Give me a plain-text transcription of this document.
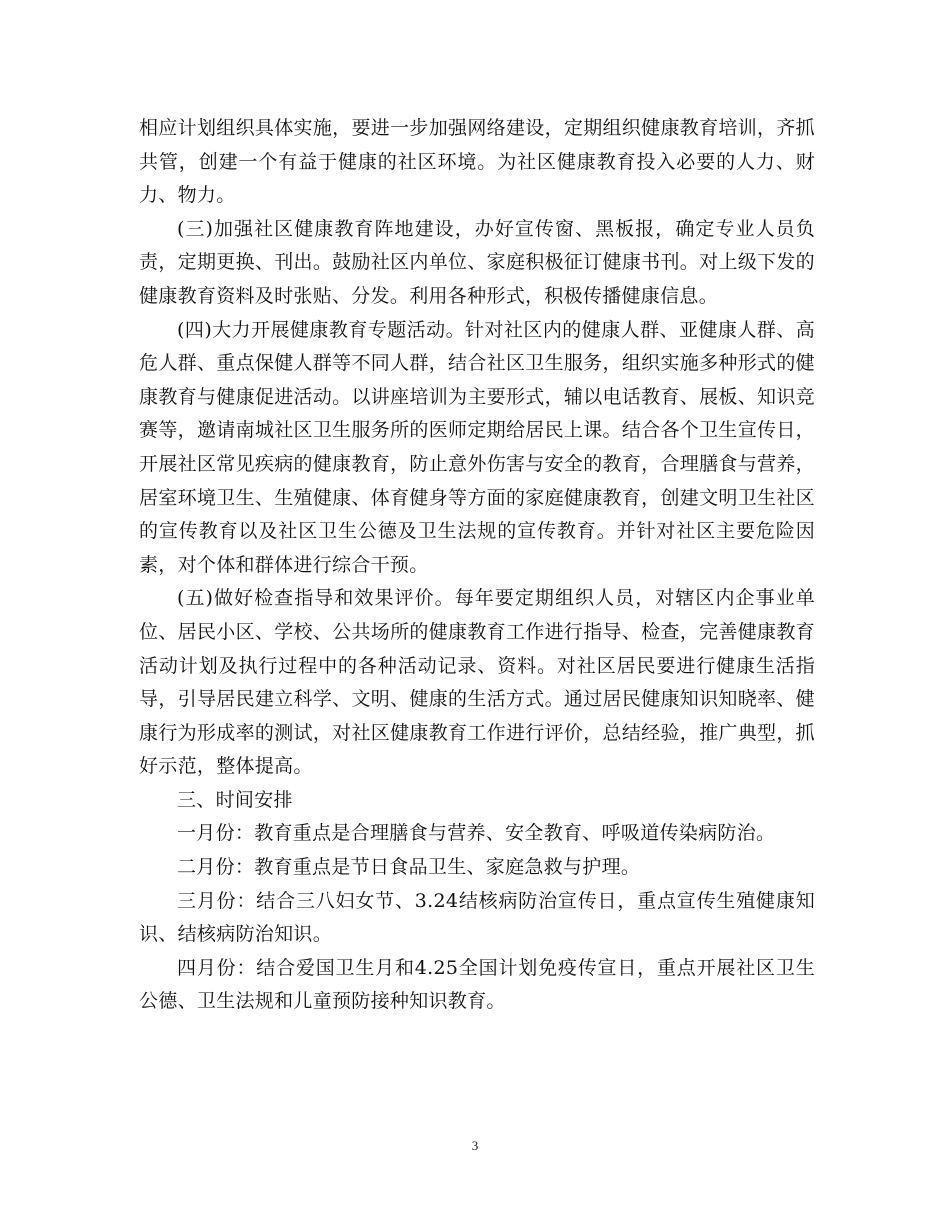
相应计划组织具体实施，要进一步加强网络建设，定期组织健康教育培训，齐抓共管，创建一个有益于健康的社区环境。为社区健康教育投入必要的人力、财力、物力。

(三)加强社区健康教育阵地建设，办好宣传窗、黑板报，确定专业人员负责，定期更换、刊出。鼓励社区内单位、家庭积极征订健康书刊。对上级下发的健康教育资料及时张贴、分发。利用各种形式，积极传播健康信息。

(四)大力开展健康教育专题活动。针对社区内的健康人群、亚健康人群、高危人群、重点保健人群等不同人群，结合社区卫生服务，组织实施多种形式的健康教育与健康促进活动。以讲座培训为主要形式，辅以电话教育、展板、知识竞赛等，邀请南城社区卫生服务所的医师定期给居民上课。结合各个卫生宣传日，开展社区常见疾病的健康教育，防止意外伤害与安全的教育，合理膳食与营养，居室环境卫生、生殖健康、体育健身等方面的家庭健康教育，创建文明卫生社区的宣传教育以及社区卫生公德及卫生法规的宣传教育。并针对社区主要危险因素，对个体和群体进行综合干预。

(五)做好检查指导和效果评价。每年要定期组织人员，对辖区内企事业单位、居民小区、学校、公共场所的健康教育工作进行指导、检查，完善健康教育活动计划及执行过程中的各种活动记录、资料。对社区居民要进行健康生活指导，引导居民建立科学、文明、健康的生活方式。通过居民健康知识知晓率、健康行为形成率的测试，对社区健康教育工作进行评价，总结经验，推广典型，抓好示范，整体提高。

三、时间安排

一月份：教育重点是合理膳食与营养、安全教育、呼吸道传染病防治。

二月份：教育重点是节日食品卫生、家庭急救与护理。

三月份：结合三八妇女节、3.24结核病防治宣传日，重点宣传生殖健康知识、结核病防治知识。

四月份：结合爱国卫生月和4.25全国计划免疫传宣日，重点开展社区卫生公德、卫生法规和儿童预防接种知识教育。

3
